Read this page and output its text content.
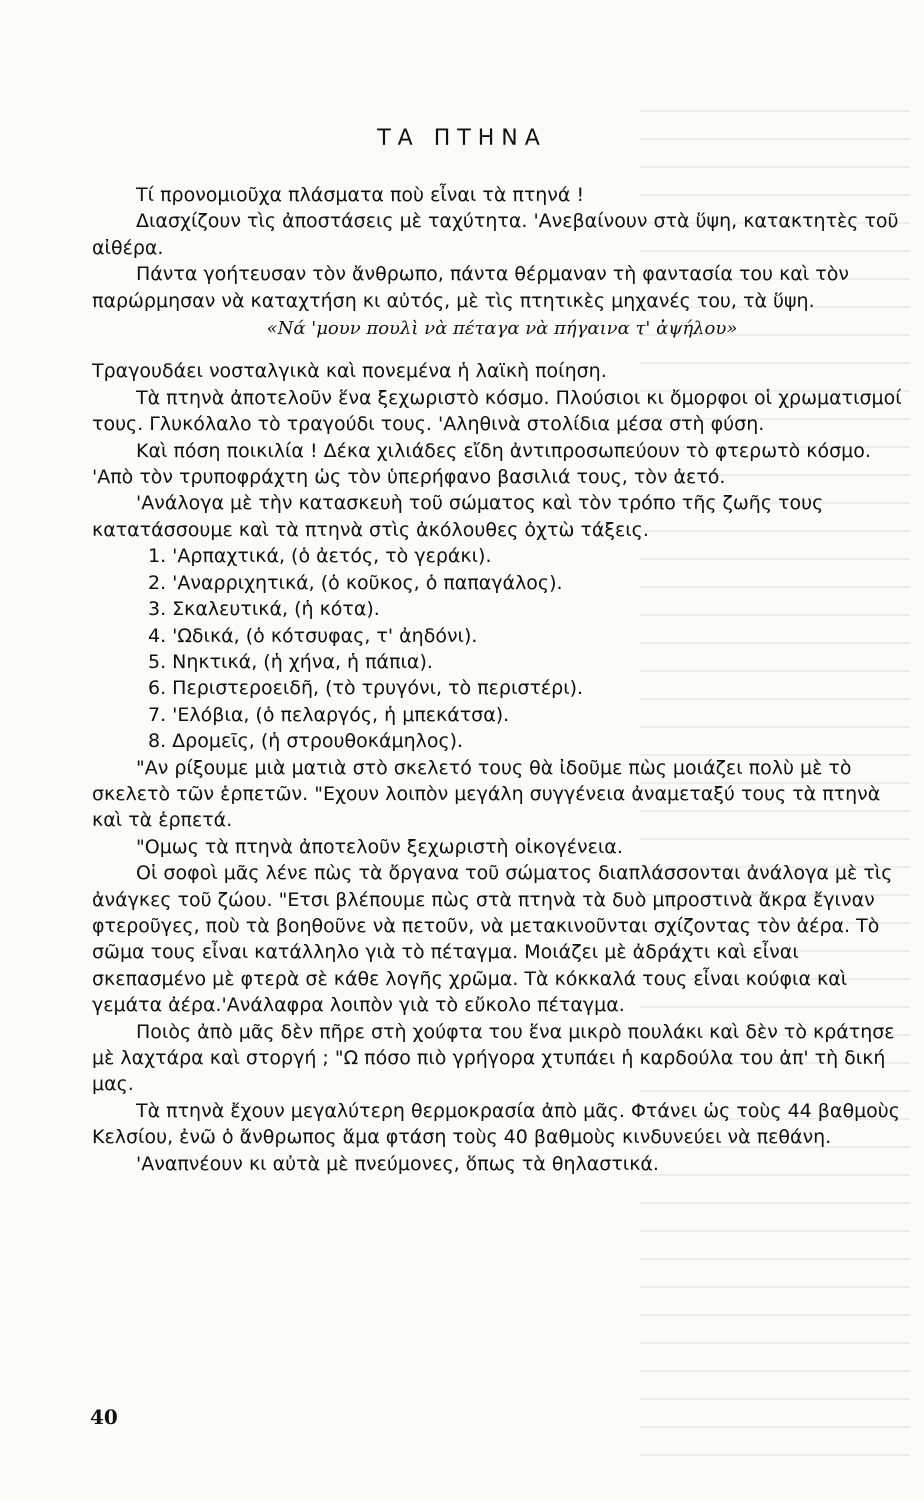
ΤΑ ΠΤΗΝΑ

Τί προνομιοῦχα πλάσματα ποὺ εἶναι τὰ πτηνά !

Διασχίζουν τὶς ἀποστάσεις μὲ ταχύτητα. 'Ανεβαίνουν στὰ ὕψη, κατακτητὲς τοῦ αἰθέρα.

Πάντα γοήτευσαν τὸν ἄνθρωπο, πάντα θέρμαναν τὴ φαντασία του καὶ τὸν παρώρμησαν νὰ καταχτήση κι αὐτός, μὲ τὶς πτητικὲς μηχανές του, τὰ ὕψη.

«Νά 'μουν πουλὶ νὰ πέταγα νὰ πήγαινα τ' ἀψήλου»

Τραγουδάει νοσταλγικὰ καὶ πονεμένα ἡ λαϊκὴ ποίηση.

Τὰ πτηνὰ ἀποτελοῦν ἕνα ξεχωριστὸ κόσμο. Πλούσιοι κι ὄμορφοι οἱ χρωματισμοί τους. Γλυκόλαλο τὸ τραγούδι τους. 'Αληθινὰ στολίδια μέσα στὴ φύση.

Καὶ πόση ποικιλία ! Δέκα χιλιάδες εἴδη ἀντιπροσωπεύουν τὸ φτερωτὸ κόσμο. 'Απὸ τὸν τρυποφράχτη ὡς τὸν ὑπερήφανο βασιλιά τους, τὸν ἀετό.

'Ανάλογα μὲ τὴν κατασκευὴ τοῦ σώματος καὶ τὸν τρόπο τῆς ζωῆς τους κατατάσσουμε καὶ τὰ πτηνὰ στὶς ἀκόλουθες ὀχτὼ τάξεις.

1. 'Αρπαχτικά, (ὁ ἀετός, τὸ γεράκι).
2. 'Αναρριχητικά, (ὁ κοῦκος, ὁ παπαγάλος).
3. Σκαλευτικά, (ἡ κότα).
4. 'Ωδικά, (ὁ κότσυφας, τ' ἀηδόνι).
5. Νηκτικά, (ἡ χήνα, ἡ πάπια).
6. Περιστεροειδῆ, (τὸ τρυγόνι, τὸ περιστέρι).
7. 'Ελόβια, (ὁ πελαργός, ἡ μπεκάτσα).
8. Δρομεῖς, (ἡ στρουθοκάμηλος).

"Αν ρίξουμε μιὰ ματιὰ στὸ σκελετό τους θὰ ἰδοῦμε πὼς μοιάζει πολὺ μὲ τὸ σκελετὸ τῶν ἑρπετῶν. "Εχουν λοιπὸν μεγάλη συγγένεια ἀναμεταξύ τους τὰ πτηνὰ καὶ τὰ ἑρπετά.

"Ομως τὰ πτηνὰ ἀποτελοῦν ξεχωριστὴ οἰκογένεια.

Οἱ σοφοὶ μᾶς λένε πὼς τὰ ὄργανα τοῦ σώματος διαπλάσσονται ἀνάλογα μὲ τὶς ἀνάγκες τοῦ ζώου. "Ετσι βλέπουμε πὼς στὰ πτηνὰ τὰ δυὸ μπροστινὰ ἄκρα ἔγιναν φτεροῦγες, ποὺ τὰ βοηθοῦνε νὰ πετοῦν, νὰ μετακινοῦνται σχίζοντας τὸν ἀέρα. Τὸ σῶμα τους εἶναι κατάλληλο γιὰ τὸ πέταγμα. Μοιάζει μὲ ἀδράχτι καὶ εἶναι σκεπασμένο μὲ φτερὰ σὲ κάθε λογῆς χρῶμα. Τὰ κόκκαλά τους εἶναι κούφια καὶ γεμάτα ἀέρα.'Ανάλαφρα λοιπὸν γιὰ τὸ εὔκολο πέταγμα.

Ποιὸς ἀπὸ μᾶς δὲν πῆρε στὴ χούφτα του ἕνα μικρὸ πουλάκι καὶ δὲν τὸ κράτησε μὲ λαχτάρα καὶ στοργή ; "Ω πόσο πιὸ γρήγορα χτυπάει ἡ καρδούλα του ἀπ' τὴ δική μας.

Τὰ πτηνὰ ἔχουν μεγαλύτερη θερμοκρασία ἀπὸ μᾶς. Φτάνει ὡς τοὺς 44 βαθμοὺς Κελσίου, ἐνῶ ὁ ἄνθρωπος ἅμα φτάση τοὺς 40 βαθμοὺς κινδυνεύει νὰ πεθάνη.

'Αναπνέουν κι αὐτὰ μὲ πνεύμονες, ὅπως τὰ θηλαστικά.

40
